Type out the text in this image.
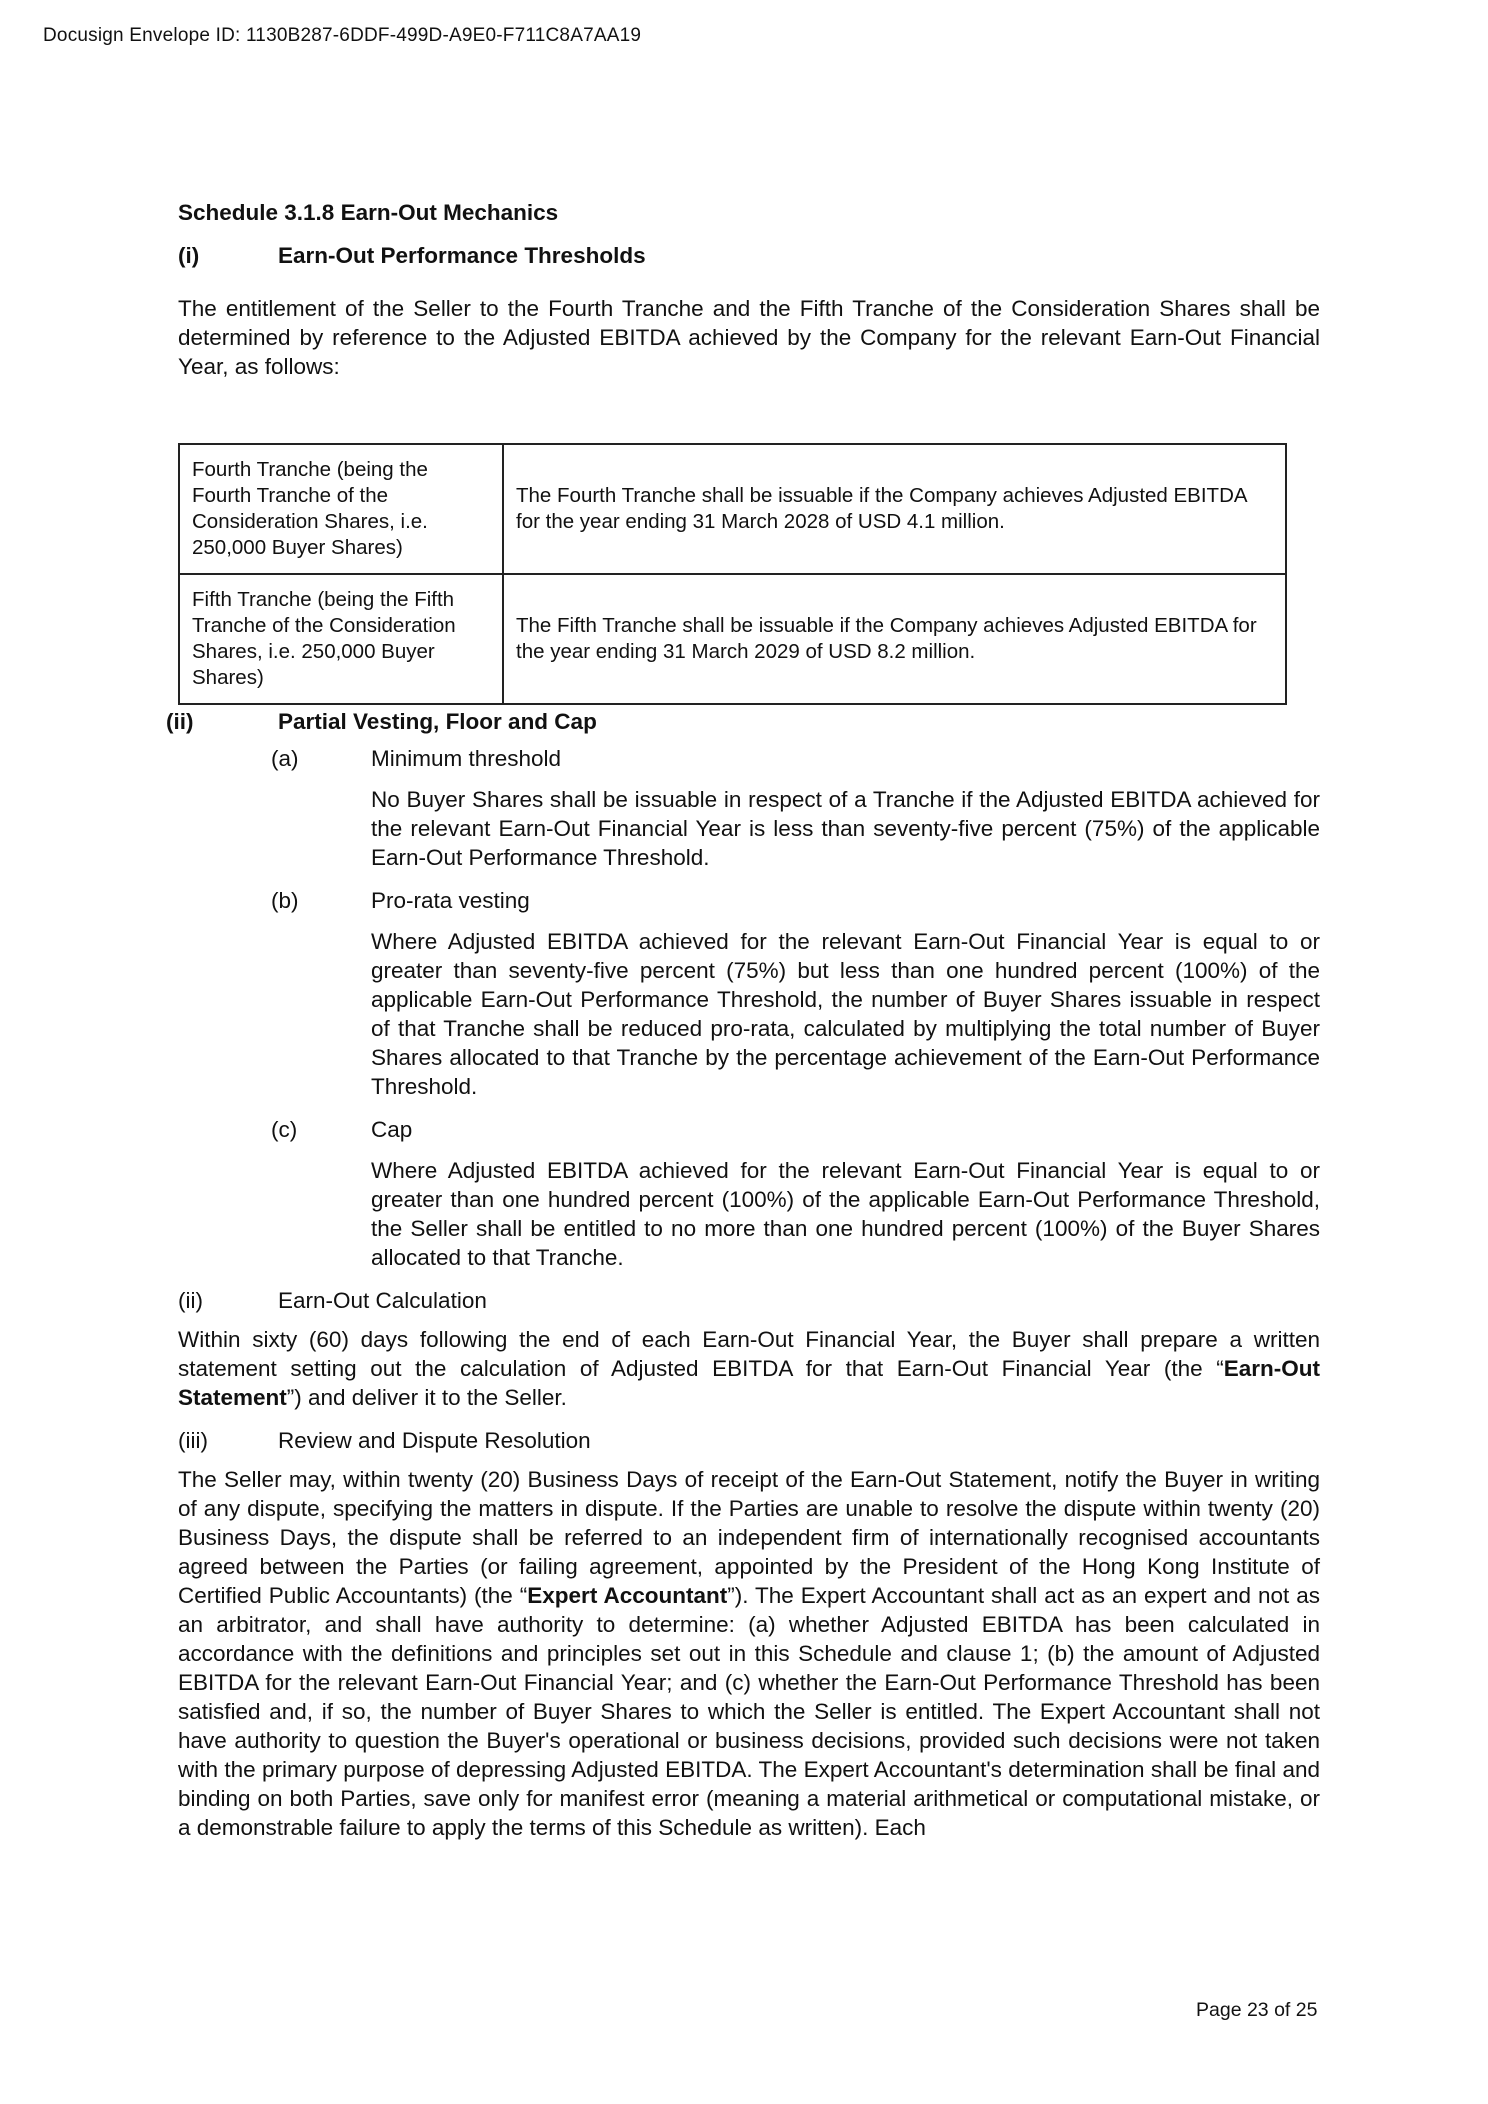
Docusign Envelope ID: 1130B287-6DDF-499D-A9E0-F711C8A7AA19
Schedule 3.1.8 Earn-Out Mechanics
(i)	Earn-Out Performance Thresholds

The entitlement of the Seller to the Fourth Tranche and the Fifth Tranche of the Consideration Shares shall be determined by reference to the Adjusted EBITDA achieved by the Company for the relevant Earn-Out Financial Year, as follows:

Fourth Tranche (being the Fourth Tranche of the Consideration Shares, i.e. 250,000 Buyer Shares)	The Fourth Tranche shall be issuable if the Company achieves Adjusted EBITDA for the year ending 31 March 2028 of USD 4.1 million.
Fifth Tranche (being the Fifth Tranche of the Consideration Shares, i.e. 250,000 Buyer Shares)	The Fifth Tranche shall be issuable if the Company achieves Adjusted EBITDA for the year ending 31 March 2029 of USD 8.2 million.
(ii)	Partial Vesting, Floor and Cap
(a)	Minimum threshold

No Buyer Shares shall be issuable in respect of a Tranche if the Adjusted EBITDA achieved for the relevant Earn-Out Financial Year is less than seventy-five percent (75%) of the applicable Earn-Out Performance Threshold.

(b)	Pro-rata vesting

Where Adjusted EBITDA achieved for the relevant Earn-Out Financial Year is equal to or greater than seventy-five percent (75%) but less than one hundred percent (100%) of the applicable Earn-Out Performance Threshold, the number of Buyer Shares issuable in respect of that Tranche shall be reduced pro-rata, calculated by multiplying the total number of Buyer Shares allocated to that Tranche by the percentage achievement of the Earn-Out Performance Threshold.

(c)	Cap

Where Adjusted EBITDA achieved for the relevant Earn-Out Financial Year is equal to or greater than one hundred percent (100%) of the applicable Earn-Out Performance Threshold, the Seller shall be entitled to no more than one hundred percent (100%) of the Buyer Shares allocated to that Tranche.

(ii)	Earn-Out Calculation

Within sixty (60) days following the end of each Earn-Out Financial Year, the Buyer shall prepare a written statement setting out the calculation of Adjusted EBITDA for that Earn-Out Financial Year (the “Earn-Out Statement”) and deliver it to the Seller.

(iii)	Review and Dispute Resolution

The Seller may, within twenty (20) Business Days of receipt of the Earn-Out Statement, notify the Buyer in writing of any dispute, specifying the matters in dispute. If the Parties are unable to resolve the dispute within twenty (20) Business Days, the dispute shall be referred to an independent firm of internationally recognised accountants agreed between the Parties (or failing agreement, appointed by the President of the Hong Kong Institute of Certified Public Accountants) (the “Expert Accountant”). The Expert Accountant shall act as an expert and not as an arbitrator, and shall have authority to determine: (a) whether Adjusted EBITDA has been calculated in accordance with the definitions and principles set out in this Schedule and clause 1; (b) the amount of Adjusted EBITDA for the relevant Earn-Out Financial Year; and (c) whether the Earn-Out Performance Threshold has been satisfied and, if so, the number of Buyer Shares to which the Seller is entitled. The Expert Accountant shall not have authority to question the Buyer's operational or business decisions, provided such decisions were not taken with the primary purpose of depressing Adjusted EBITDA. The Expert Accountant's determination shall be final and binding on both Parties, save only for manifest error (meaning a material arithmetical or computational mistake, or a demonstrable failure to apply the terms of this Schedule as written). Each

Page 23 of 25
